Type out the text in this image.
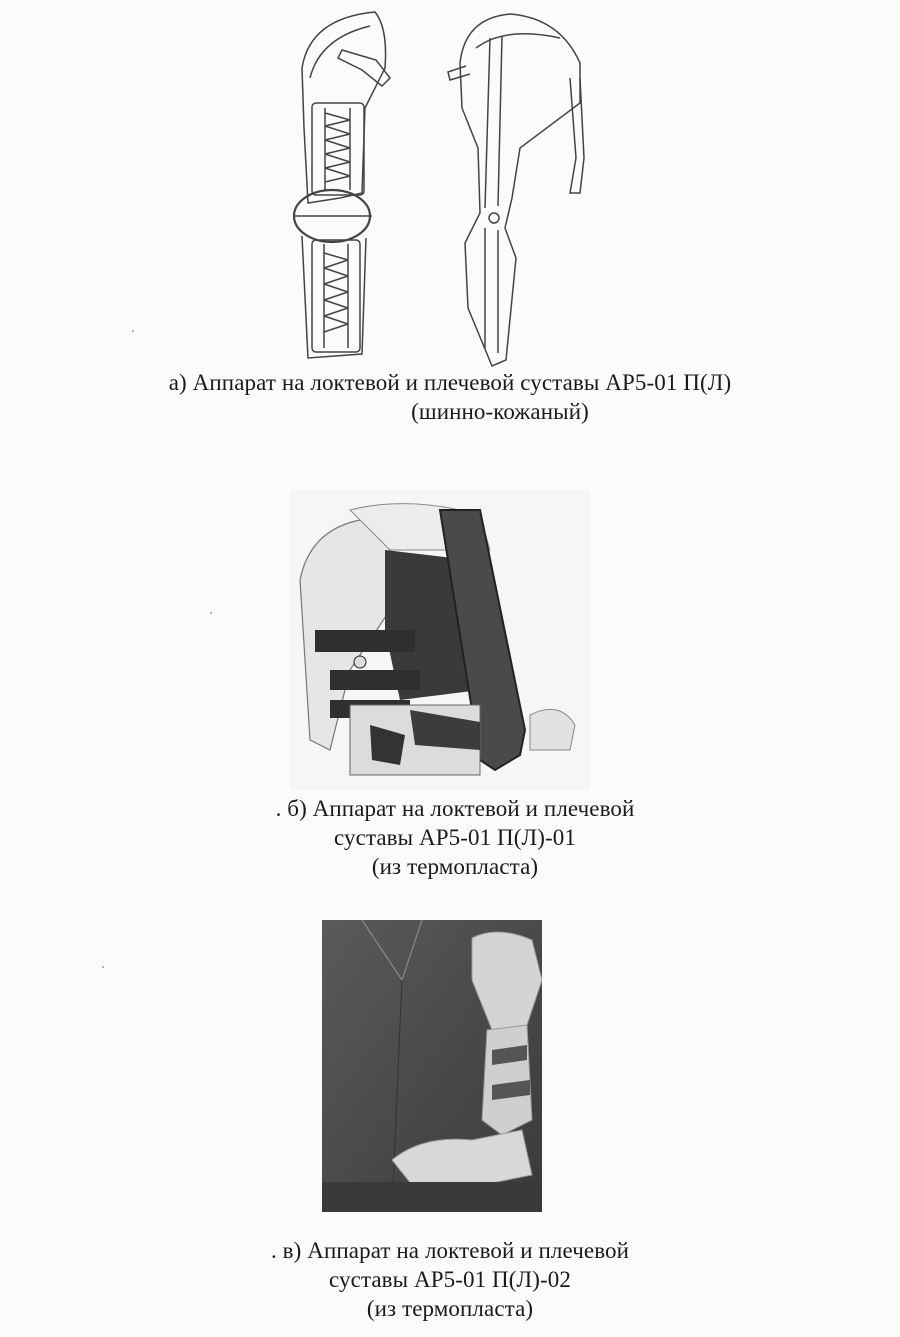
а) Аппарат на локтевой и плечевой суставы АР5-01 П(Л)
(шинно-кожаный)
. б) Аппарат на локтевой и плечевой
суставы АР5-01 П(Л)-01
(из термопласта)
. в) Аппарат на локтевой и плечевой
суставы АР5-01 П(Л)-02
(из термопласта)
